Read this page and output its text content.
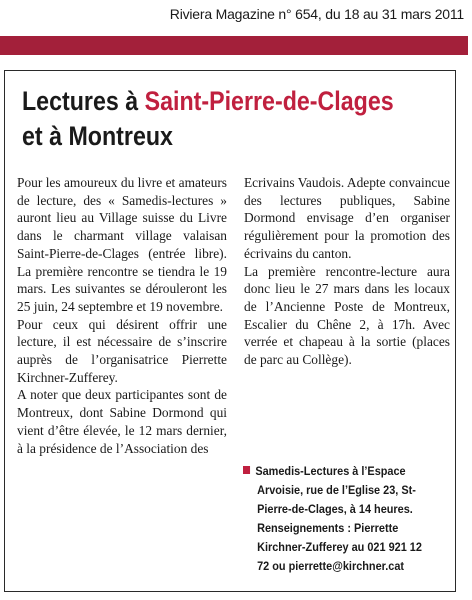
Riviera Magazine n° 654, du 18 au 31 mars 2011
Lectures à Saint-Pierre-de-Clages
et à Montreux

Pour les amoureux du livre et amateurs de lecture, des « Samedis-lectures » auront lieu au Village suisse du Livre dans le charmant village valaisan Saint-Pierre-de-Clages (entrée libre). La première rencontre se tiendra le 19 mars. Les suivantes se dérouleront les 25 juin, 24 septembre et 19 novembre.

Pour ceux qui désirent offrir une lecture, il est nécessaire de s’inscrire auprès de l’organisatrice Pierrette Kirchner-Zufferey.

A noter que deux participantes sont de Montreux, dont Sabine Dormond qui vient d’être élevée, le 12 mars dernier, à la présidence de l’Association des

Ecrivains Vaudois. Adepte convaincue des lectures publiques, Sabine Dormond envisage d’en organiser régulièrement pour la promotion des écrivains du canton.

La première rencontre-lecture aura donc lieu le 27 mars dans les locaux de l’Ancienne Poste de Montreux, Escalier du Chêne 2, à 17h. Avec verrée et chapeau à la sortie (places de parc au Collège).

Samedis-Lectures à l’Espace
Arvoisie, rue de l’Eglise 23, St-
Pierre-de-Clages, à 14 heures.
Renseignements : Pierrette
Kirchner-Zufferey au 021 921 12
72 ou pierrette@kirchner.cat
